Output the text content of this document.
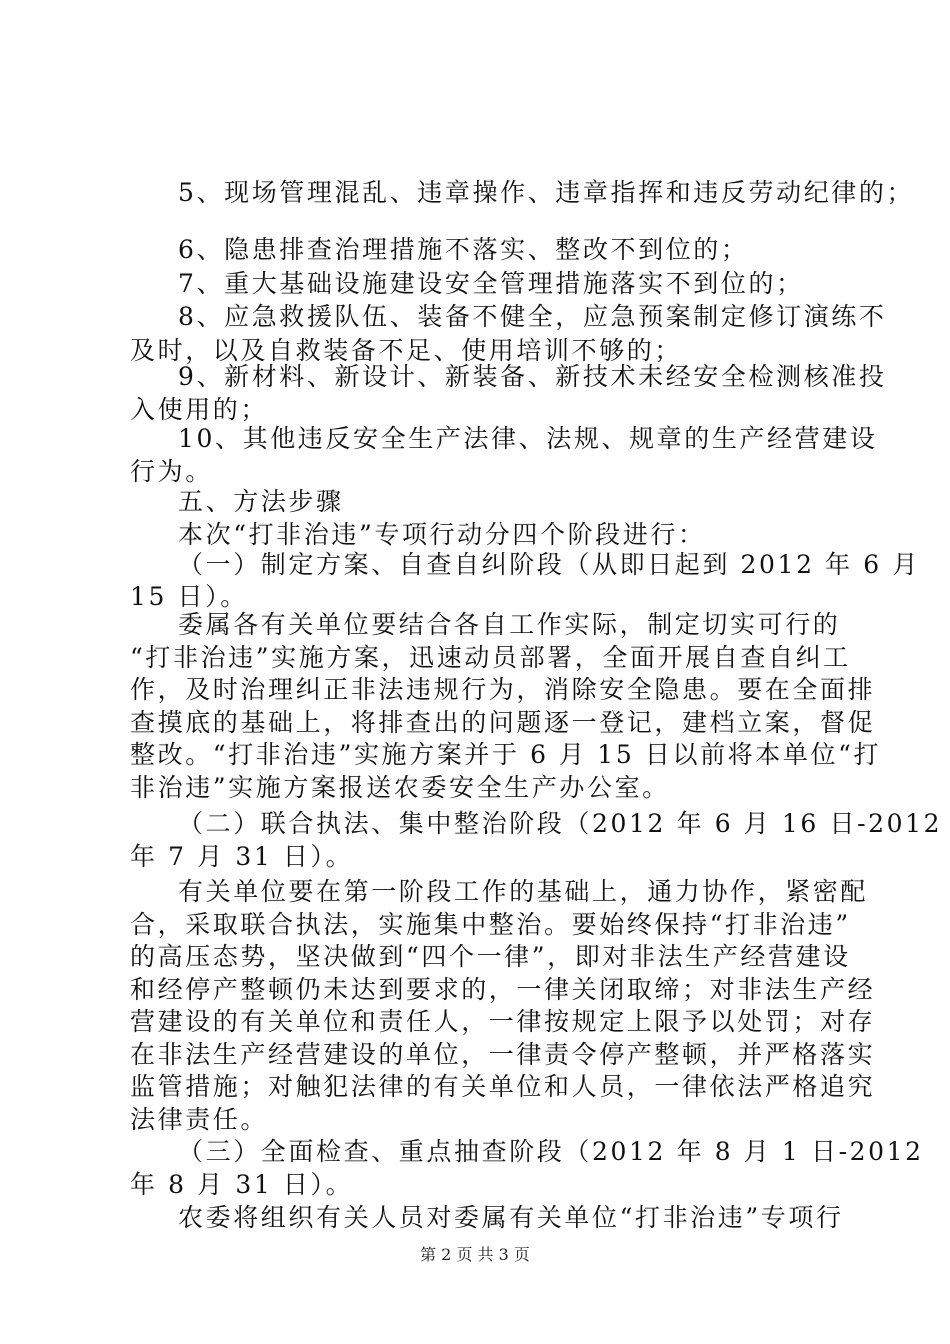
5、现场管理混乱、违章操作、违章指挥和违反劳动纪律的；
6、隐患排查治理措施不落实、整改不到位的；
7、重大基础设施建设安全管理措施落实不到位的；
8、应急救援队伍、装备不健全，应急预案制定修订演练不
及时，以及自救装备不足、使用培训不够的；
9、新材料、新设计、新装备、新技术未经安全检测核准投
入使用的；
10、其他违反安全生产法律、法规、规章的生产经营建设
行为。
五、方法步骤
本次“打非治违”专项行动分四个阶段进行：
（一）制定方案、自查自纠阶段（从即日起到 2012 年 6 月
15 日）。
委属各有关单位要结合各自工作实际，制定切实可行的
“打非治违”实施方案，迅速动员部署，全面开展自查自纠工
作，及时治理纠正非法违规行为，消除安全隐患。要在全面排
查摸底的基础上，将排查出的问题逐一登记，建档立案，督促
整改。“打非治违”实施方案并于 6 月 15 日以前将本单位“打
非治违”实施方案报送农委安全生产办公室。
（二）联合执法、集中整治阶段（2012 年 6 月 16 日-2012
年 7 月 31 日）。
有关单位要在第一阶段工作的基础上，通力协作，紧密配
合，采取联合执法，实施集中整治。要始终保持“打非治违”
的高压态势，坚决做到“四个一律”，即对非法生产经营建设
和经停产整顿仍未达到要求的，一律关闭取缔；对非法生产经
营建设的有关单位和责任人，一律按规定上限予以处罚；对存
在非法生产经营建设的单位，一律责令停产整顿，并严格落实
监管措施；对触犯法律的有关单位和人员，一律依法严格追究
法律责任。
（三）全面检查、重点抽查阶段（2012 年 8 月 1 日-2012
年 8 月 31 日）。
农委将组织有关人员对委属有关单位“打非治违”专项行
第 2 页 共 3 页
